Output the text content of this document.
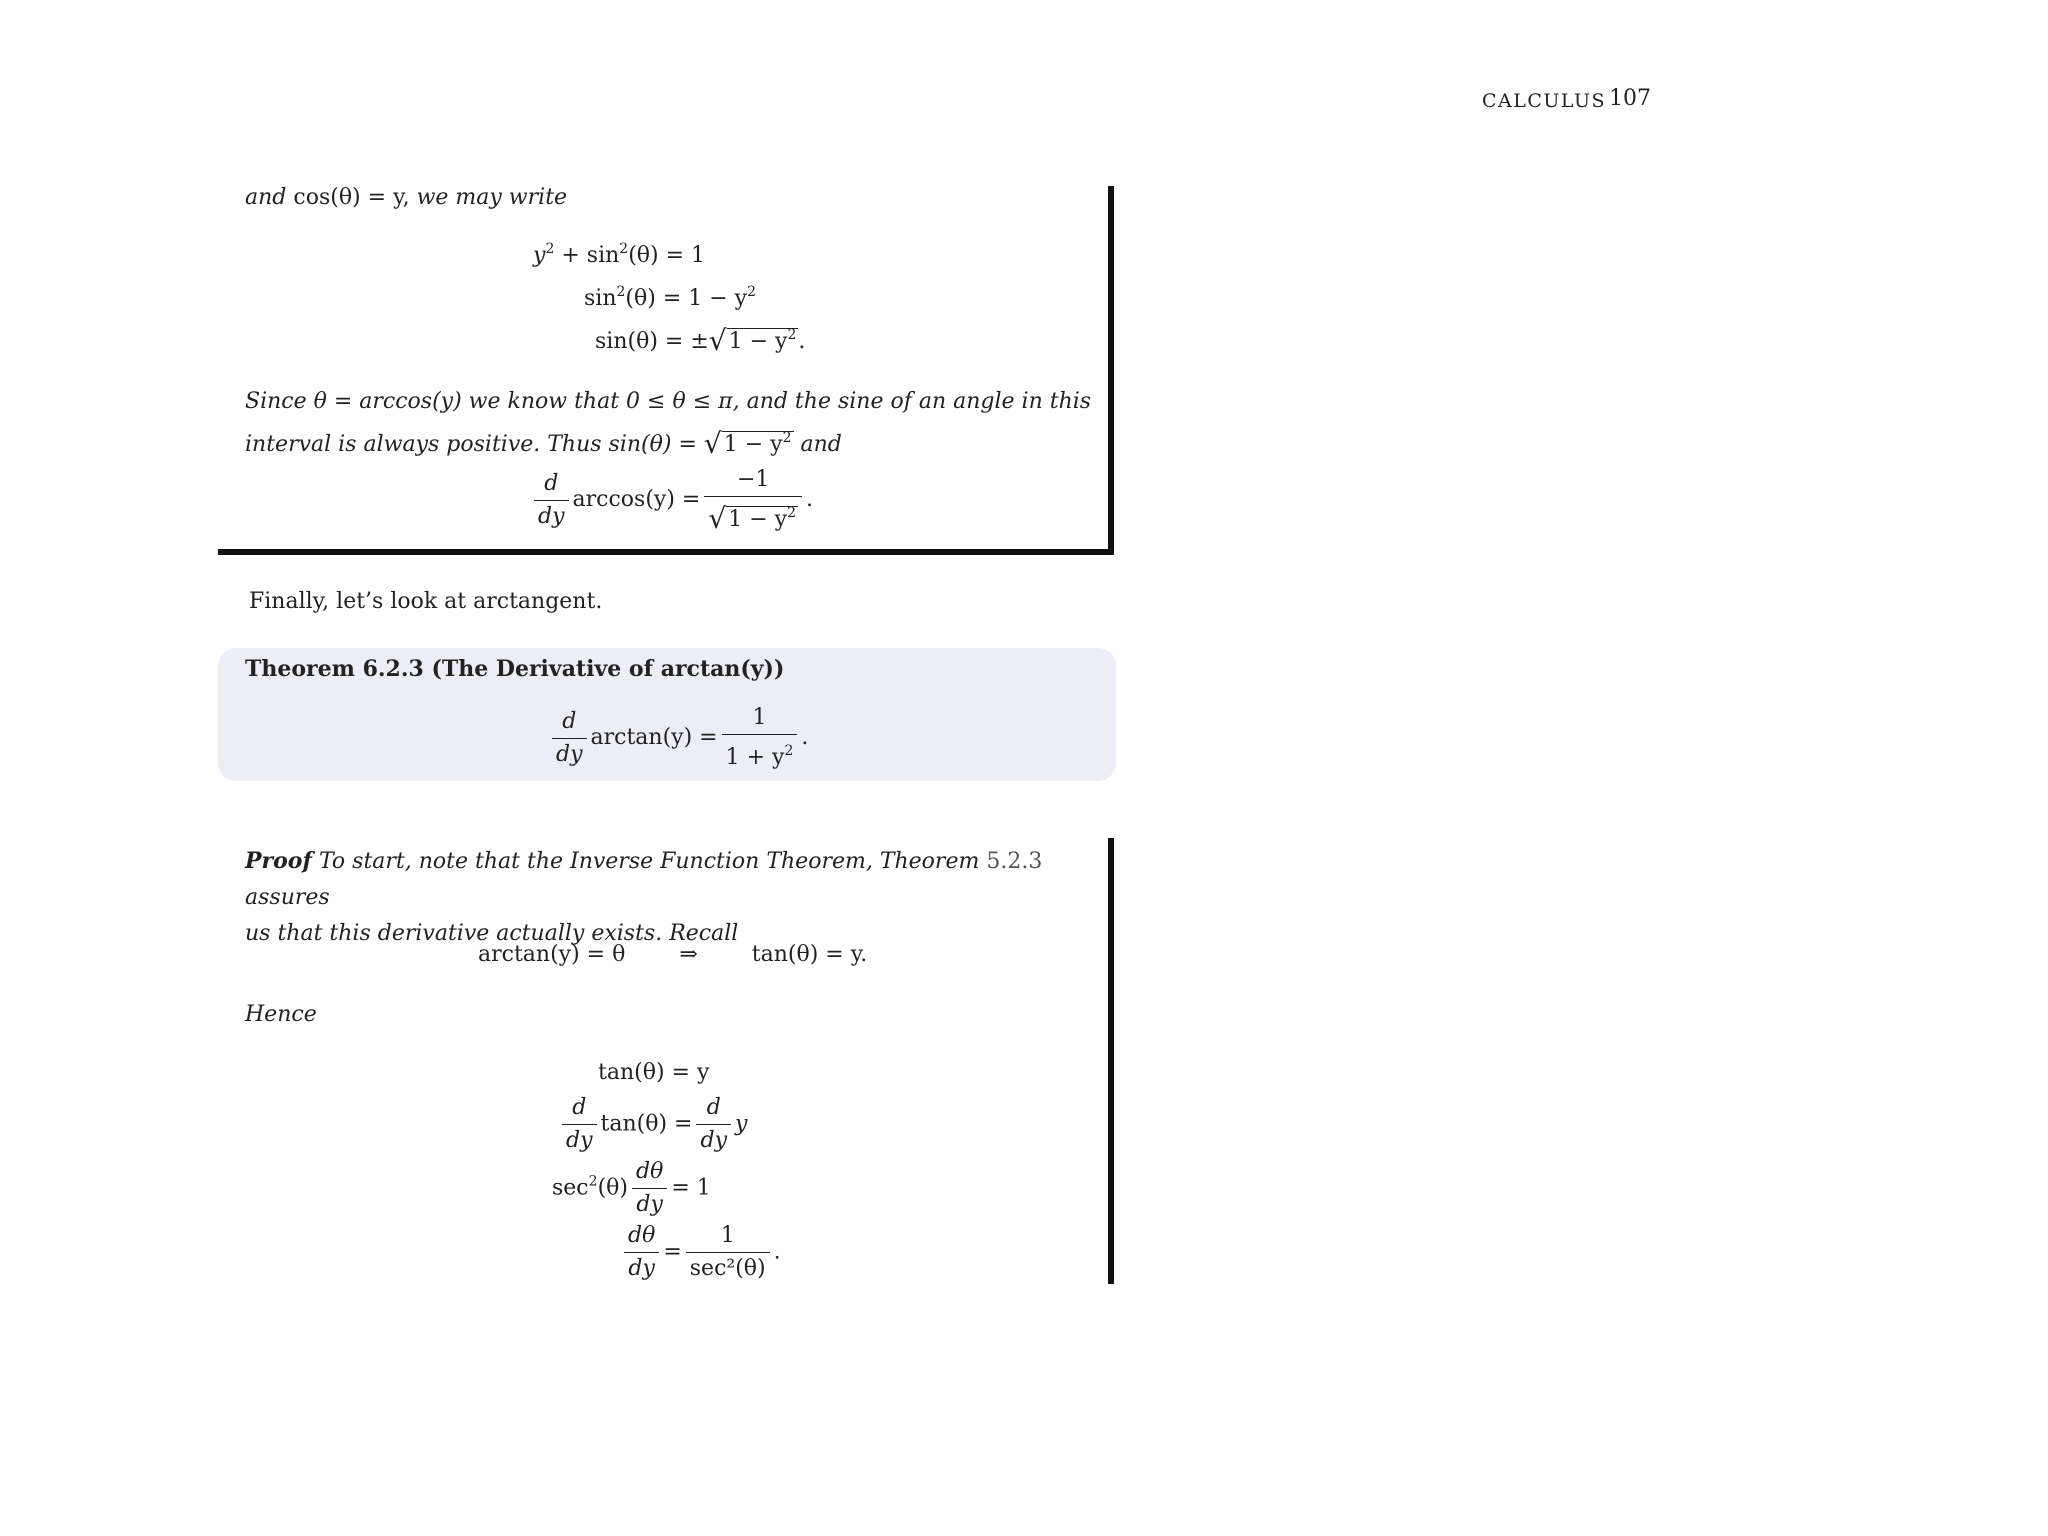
CALCULUS 107
and cos(θ) = y, we may write
$y^2 + \sin^2(\theta) = 1$
$\sin^2(\theta) = 1 - y^2$
$\sin(\theta) = \pm√1 - y^2$.
Since θ = arccos(y) we know that 0 ≤ θ ≤ π, and the sine of an angle in this
interval is always positive. Thus $\sin(\theta) = √1 - y^2$ and
$\frac{d}{dy} \arccos(y) = \frac{-1}{√1 - y^2}$ .
Finally, let’s look at arctangent.
Theorem 6.2.3 (The Derivative of arctan(y))
$\frac{d}{dy} \arctan(y) = \frac{1}{1 + y^2}$ .
Proof To start, note that the Inverse Function Theorem, Theorem 5.2.3 assures
us that this derivative actually exists. Recall
arctan(y) = θ ⇒ tan(θ) = y.
Hence
tan(θ) = y
$\frac{d}{dy} \tan(\theta) = \frac{d}{dy}$ y
$\sec^2(\theta) \frac{d\theta}{dy} = 1$
$\frac{d\theta}{dy} = \frac{1}{\text{sec²(θ)}}$ .
